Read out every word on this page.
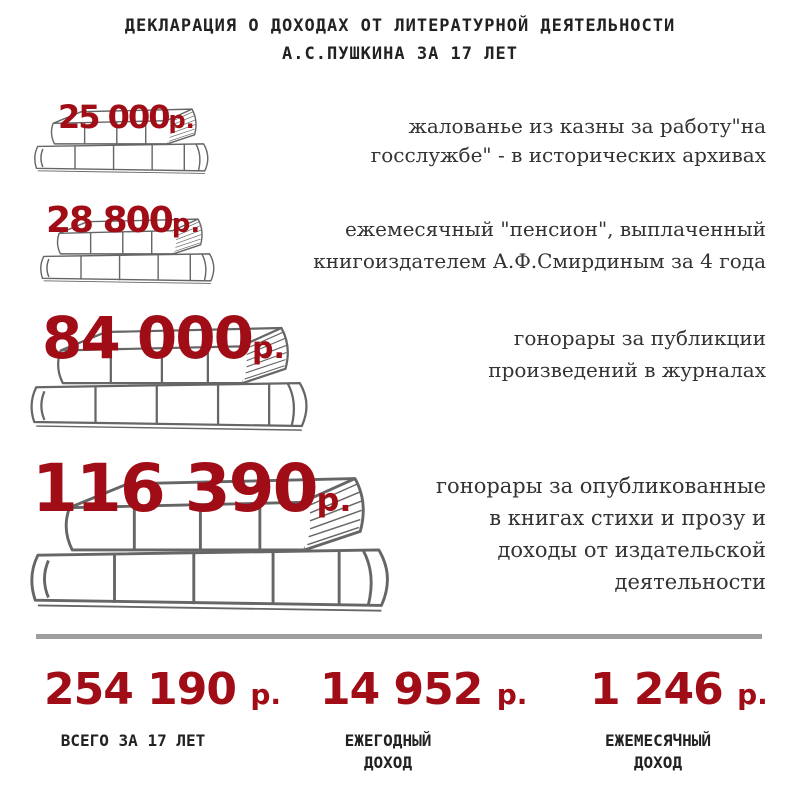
ДЕКЛАРАЦИЯ О ДОХОДАХ ОТ ЛИТЕРАТУРНОЙ ДЕЯТЕЛЬНОСТИ
А.С.ПУШКИНА ЗА 17 ЛЕТ
25 000р.	жалованье из казны за работу"на
госслужбе" - в исторических архивах
28 800р.	ежемесячный "пенсион", выплаченный
книгоиздателем А.Ф.Смирдиным за 4 года
84 000р.	гонорары за публикции
произведений в журналах
116 390р.	гонорары за опубликованные
в книгах стихи и прозу и
доходы от издательской
деятельности
254 190 р.
ВСЕГО ЗА 17 ЛЕТ
14 952 р.
ЕЖЕГОДНЫЙ
ДОХОД
1 246 р.
ЕЖЕМЕСЯЧНЫЙ
ДОХОД
